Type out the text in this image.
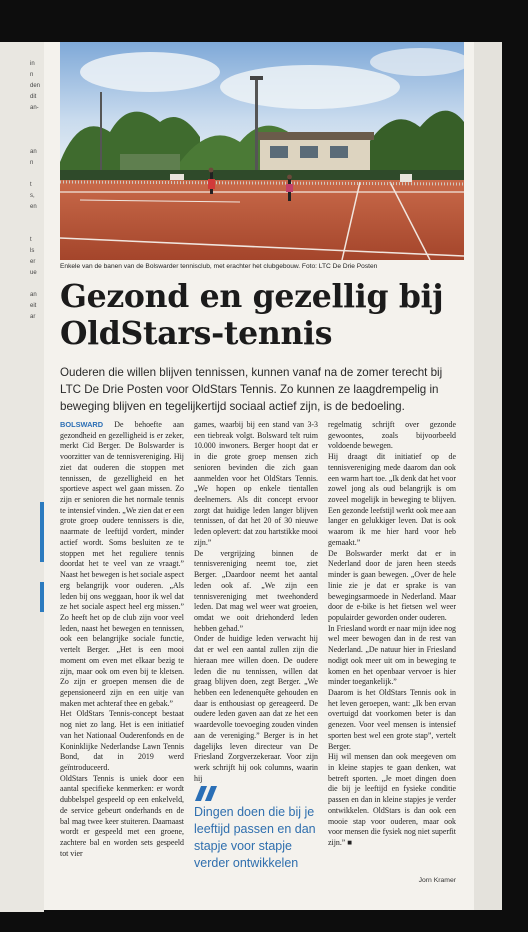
in
n
den
dit
an-
an
n
t
s,
en
t
ls
er
ue
an
eit
ar
Enkele van de banen van de Bolswarder tennisclub, met erachter het clubgebouw. Foto: LTC De Drie Posten
Gezond en gezellig bij
OldStars-tennis

Ouderen die willen blijven tennissen, kunnen vanaf na de zomer terecht bij LTC De Drie Posten voor OldStars Tennis. Zo kunnen ze laagdrempelig in beweging blijven en tegelijkertijd sociaal actief zijn, is de bedoeling.

BOLSWARD De behoefte aan gezondheid en gezelligheid is er zeker, merkt Cid Berger. De Bolswarder is voorzitter van de tennisvereniging. Hij ziet dat ouderen die stoppen met tennissen, de gezelligheid en het sportieve aspect wel gaan missen. Zo zijn er senioren die het normale tennis te intensief vinden. „We zien dat er een grote groep oudere tennissers is die, naarmate de leeftijd vordert, minder actief wordt. Soms besluiten ze te stoppen met het reguliere tennis doordat het te veel van ze vraagt.” Naast het bewegen is het sociale aspect erg belangrijk voor ouderen. „Als leden bij ons weggaan, hoor ik wel dat ze het sociale aspect heel erg missen.” Zo heeft het op de club zijn voor veel leden, naast het bewegen en tennissen, ook een belangrijke sociale functie, vertelt Berger. „Het is een mooi moment om even met elkaar bezig te zijn, maar ook om even bij te kletsen. Zo zijn er groepen mensen die de gepensioneerd zijn en een uitje van maken met achteraf thee en gebak.”

Het OldStars Tennis-concept bestaat nog niet zo lang. Het is een initiatief van het Nationaal Ouderenfonds en de Koninklijke Nederlandse Lawn Tennis Bond, dat in 2019 werd geïntroduceerd.

OldStars Tennis is uniek door een aantal specifieke kenmerken: er wordt dubbelspel gespeeld op een enkelveld, de service gebeurt onderhands en de bal mag twee keer stuiteren. Daarnaast wordt er gespeeld met een groene, zachtere bal en worden sets gespeeld tot vier

games, waarbij bij een stand van 3-3 een tiebreak volgt. Bolsward telt ruim 10.000 inwoners. Berger hoopt dat er in die grote groep mensen zich senioren bevinden die zich gaan aanmelden voor het OldStars Tennis. „We hopen op enkele tientallen deelnemers. Als dit concept ervoor zorgt dat huidige leden langer blijven tennissen, of dat het 20 of 30 nieuwe leden oplevert: dat zou hartstikke mooi zijn.”

De vergrijzing binnen de tennisvereniging neemt toe, ziet Berger. „Daardoor neemt het aantal leden ook af. „We zijn een tennisvereniging met tweehonderd leden. Dat mag wel weer wat groeien, omdat we ooit driehonderd leden hebben gehad.”

Onder de huidige leden verwacht hij dat er wel een aantal zullen zijn die hieraan mee willen doen. De oudere leden die nu tennissen, willen dat graag blijven doen, zegt Berger. „We hebben een ledenenquête gehouden en daar is enthousiast op gereageerd. De oudere leden gaven aan dat ze het een waardevolle toevoeging zouden vinden aan de vereniging.” Berger is in het dagelijks leven directeur van De Friesland Zorgverzekeraar. Voor zijn werk schrijft hij ook columns, waarin hij

Dingen doen die bij je leeftijd passen en dan stapje voor stapje verder ontwikkelen

regelmatig schrijft over gezonde gewoontes, zoals bijvoorbeeld voldoende bewegen.

Hij draagt dit initiatief op de tennisvereniging mede daarom dan ook een warm hart toe. „Ik denk dat het voor zowel jong als oud belangrijk is om zoveel mogelijk in beweging te blijven. Een gezonde leefstijl werkt ook mee aan langer en gelukkiger leven. Dat is ook waarom ik me hier hard voor heb gemaakt.”

De Bolswarder merkt dat er in Nederland door de jaren heen steeds minder is gaan bewegen. „Over de hele linie zie je dat er sprake is van bewegingsarmoede in Nederland. Maar door de e-bike is het fietsen wel weer populairder geworden onder ouderen.

In Friesland wordt er naar mijn idee nog wel meer bewogen dan in de rest van Nederland. „De natuur hier in Friesland nodigt ook meer uit om in beweging te komen en het openbaar vervoer is hier minder toegankelijk.”

Daarom is het OldStars Tennis ook in het leven geroepen, want: „Ik ben ervan overtuigd dat voorkomen beter is dan genezen. Voor veel mensen is intensief sporten best wel een grote stap”, vertelt Berger.

Hij wil mensen dan ook meegeven om in kleine stapjes te gaan denken, wat betreft sporten. „Je moet dingen doen die bij je leeftijd en fysieke conditie passen en dan in kleine stapjes je verder ontwikkelen. OldStars is dan ook een mooie stap voor ouderen, maar ook voor mensen die fysiek nog niet superfit zijn.” ■

Jorn Kramer
